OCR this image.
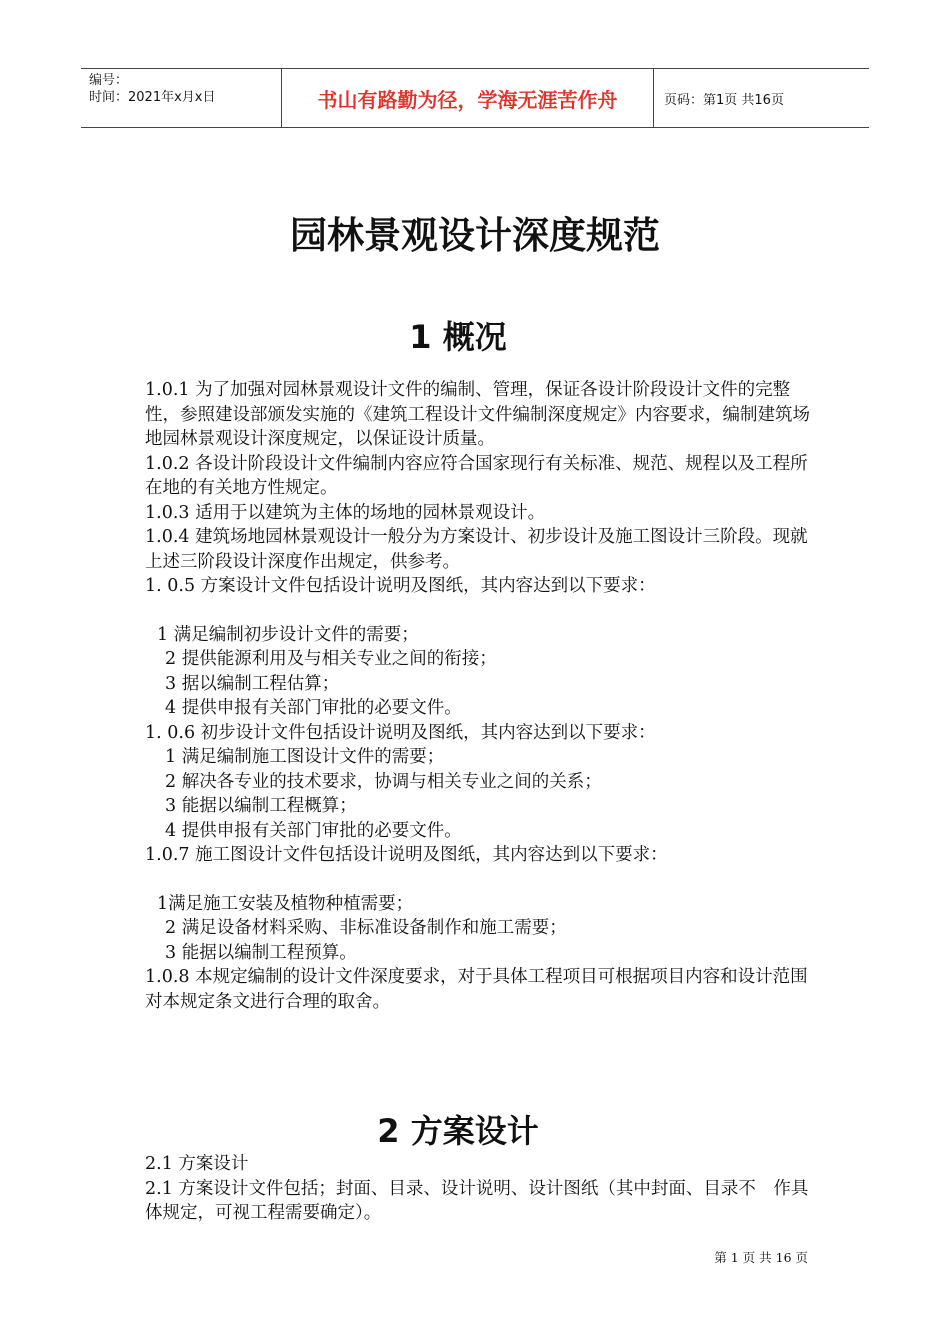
编号：
时间：2021年x月x日	书山有路勤为径，学海无涯苦作舟	页码：第1页 共16页
园林景观设计深度规范
1 概况

1.0.1 为了加强对园林景观设计文件的编制、管理，保证各设计阶段设计文件的完整性，参照建设部颁发实施的《建筑工程设计文件编制深度规定》内容要求，编制建筑场地园林景观设计深度规定，以保证设计质量。

1.0.2 各设计阶段设计文件编制内容应符合国家现行有关标准、规范、规程以及工程所在地的有关地方性规定。

1.0.3 适用于以建筑为主体的场地的园林景观设计。

1.0.4 建筑场地园林景观设计一般分为方案设计、初步设计及施工图设计三阶段。现就上述三阶段设计深度作出规定，供参考。

1. 0.5 方案设计文件包括设计说明及图纸，其内容达到以下要求：

1 满足编制初步设计文件的需要；

2 提供能源利用及与相关专业之间的衔接；

3 据以编制工程估算；

4 提供申报有关部门审批的必要文件。

1. 0.6 初步设计文件包括设计说明及图纸，其内容达到以下要求：

1 满足编制施工图设计文件的需要；

2 解决各专业的技术要求，协调与相关专业之间的关系；

3 能据以编制工程概算；

4 提供申报有关部门审批的必要文件。

1.0.7 施工图设计文件包括设计说明及图纸，其内容达到以下要求：

1满足施工安装及植物种植需要；

2 满足设备材料采购、非标准设备制作和施工需要；

3 能据以编制工程预算。

1.0.8 本规定编制的设计文件深度要求，对于具体工程项目可根据项目内容和设计范围对本规定条文进行合理的取舍。

2 方案设计

2.1 方案设计

2.1 方案设计文件包括；封面、目录、设计说明、设计图纸（其中封面、目录不　作具体规定，可视工程需要确定）。

第 1 页 共 16 页
